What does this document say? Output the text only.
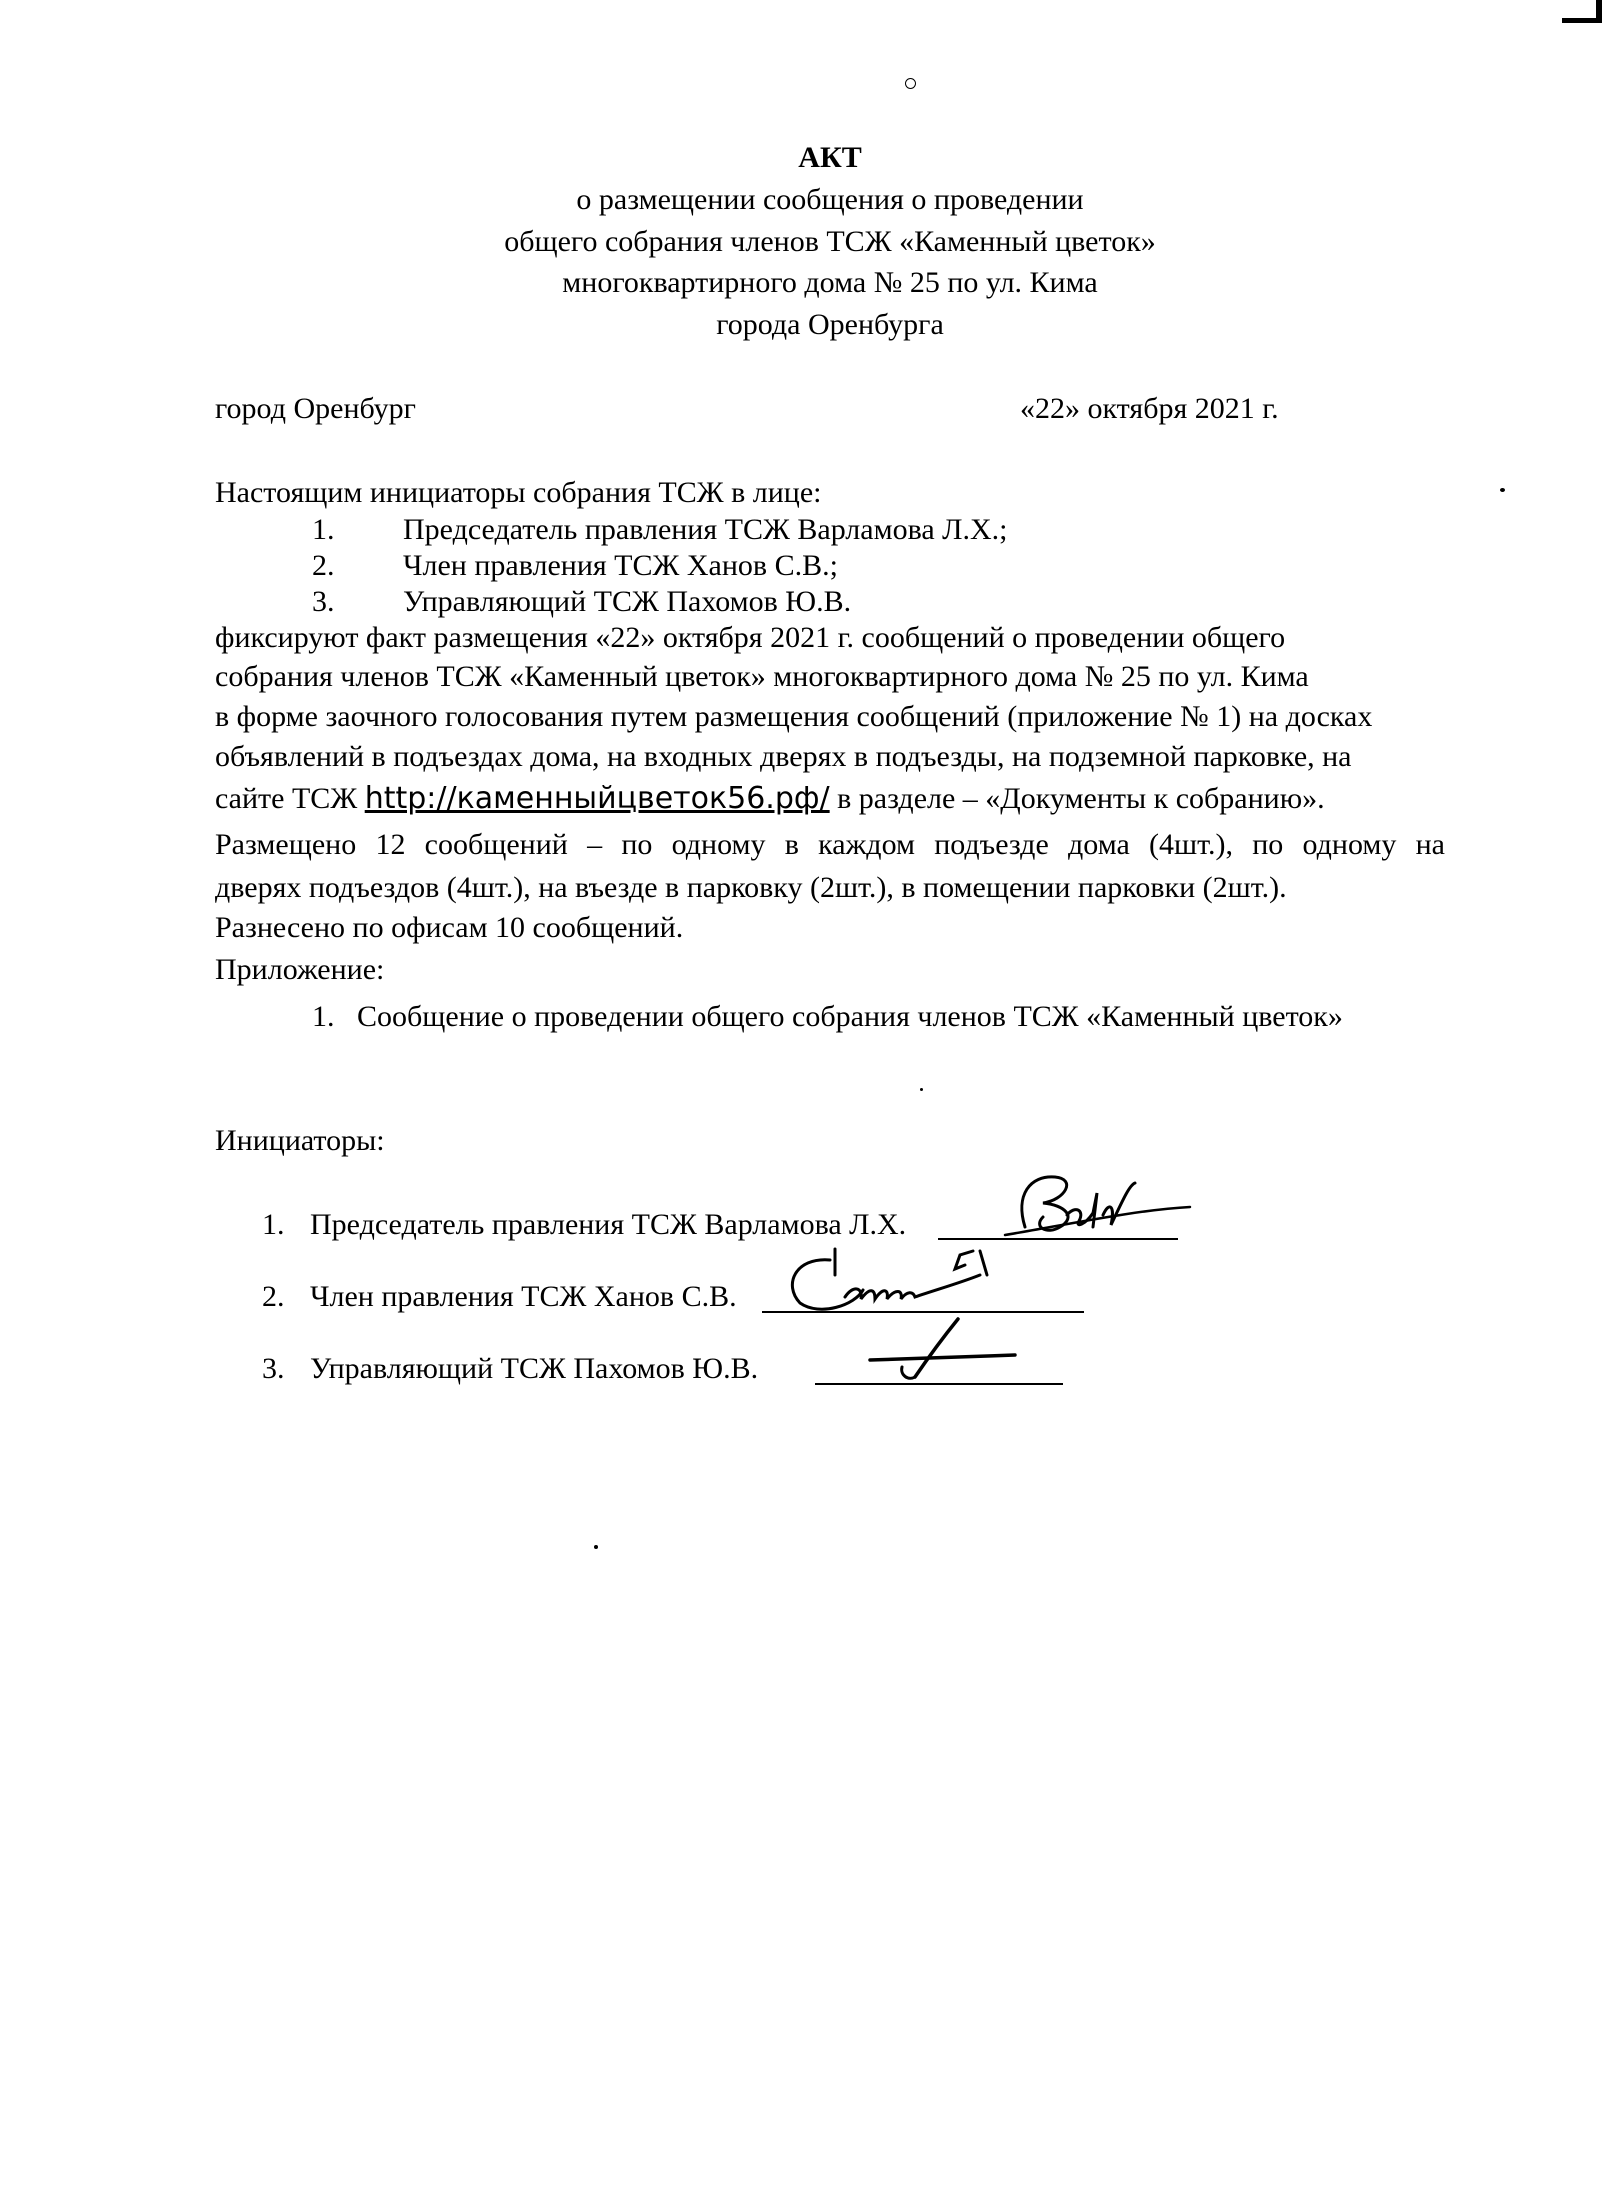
АКТ
о размещении сообщения о проведении
общего собрания членов ТСЖ «Каменный цветок»
многоквартирного дома № 25 по ул. Кима
города Оренбурга
город Оренбург	«22» октября 2021 г.
Настоящим инициаторы собрания ТСЖ в лице:
1. Председатель правления ТСЖ Варламова Л.Х.;
2. Член правления ТСЖ Ханов С.В.;
3. Управляющий ТСЖ Пахомов Ю.В.
фиксируют факт размещения «22» октября 2021 г. сообщений о проведении общего
собрания членов ТСЖ «Каменный цветок» многоквартирного дома № 25 по ул. Кима
в форме заочного голосования путем размещения сообщений (приложение № 1) на досках
объявлений в подъездах дома, на входных дверях в подъезды, на подземной парковке, на
сайте ТСЖ http://каменныйцветок56.рф/ в разделе – «Документы к собранию».
Размещено 12 сообщений – по одному в каждом подъезде дома (4шт.), по одному на
дверях подъездов (4шт.), на въезде в парковку (2шт.), в помещении парковки (2шт.).
Разнесено по офисам 10 сообщений.
Приложение:
1. Сообщение о проведении общего собрания членов ТСЖ «Каменный цветок»
Инициаторы:
1. Председатель правления ТСЖ Варламова Л.Х.
2. Член правления ТСЖ Ханов С.В.
3. Управляющий ТСЖ Пахомов Ю.В.
